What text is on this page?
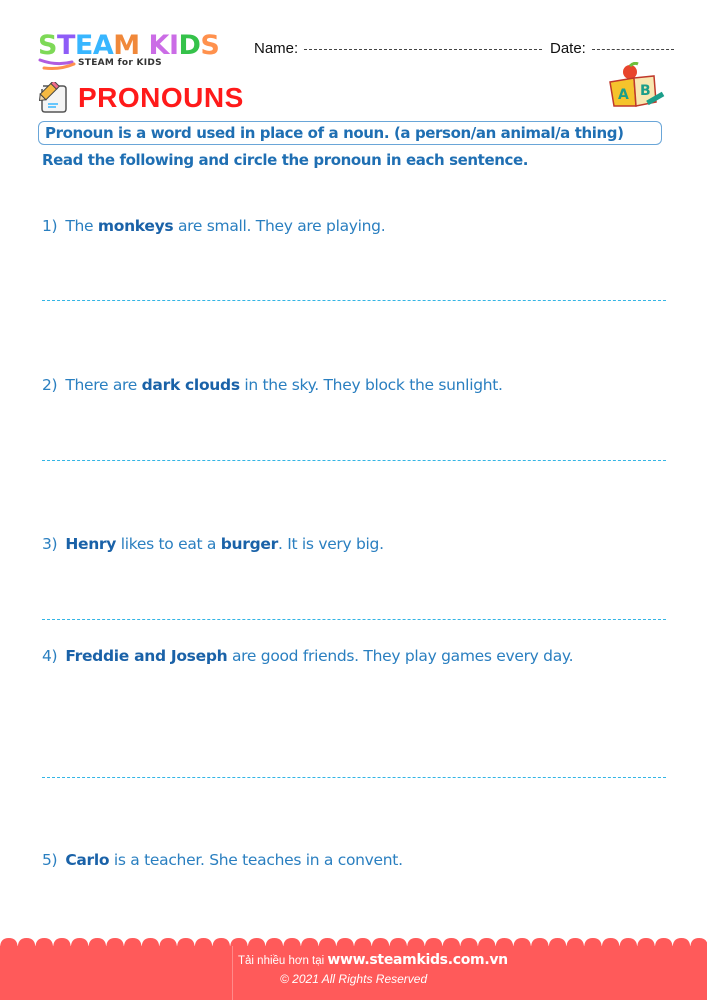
STEAM KIDS
STEAM for KIDS
Name:	Date:
PRONOUNS	A B
Pronoun is a word used in place of a noun. (a person/an animal/a thing)
Read the following and circle the pronoun in each sentence.
1) The monkeys are small. They are playing.
2) There are dark clouds in the sky. They block the sunlight.
3) Henry likes to eat a burger. It is very big.
4) Freddie and Joseph are good friends. They play games every day.
5) Carlo is a teacher. She teaches in a convent.
Tải nhiều hơn tại www.steamkids.com.vn
© 2021 All Rights Reserved
